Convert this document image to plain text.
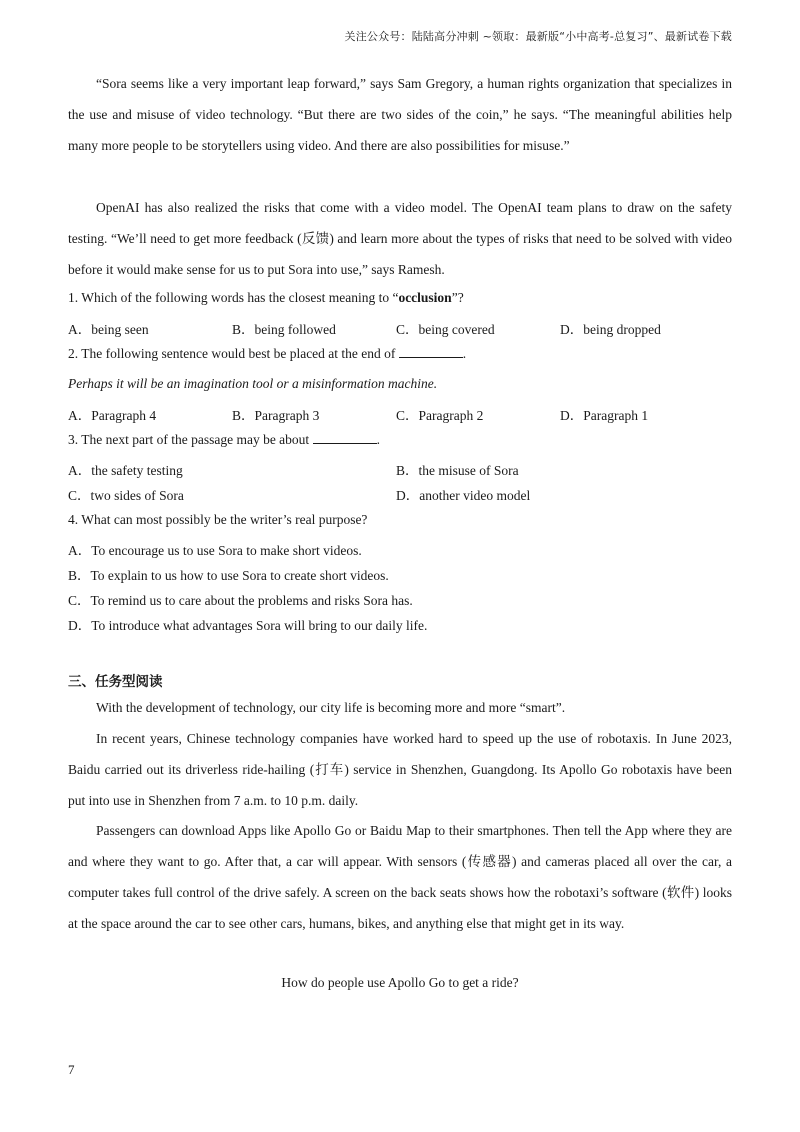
关注公众号：陆陆高分冲刺 ~领取：最新版“小中高考-总复习”、最新试卷下载

“Sora seems like a very important leap forward,” says Sam Gregory, a human rights organization that specializes in the use and misuse of video technology. “But there are two sides of the coin,” he says. “The meaningful abilities help many more people to be storytellers using video. And there are also possibilities for misuse.”

OpenAI has also realized the risks that come with a video model. The OpenAI team plans to draw on the safety testing. “We’ll need to get more feedback (反馈) and learn more about the types of risks that need to be solved with video before it would make sense for us to put Sora into use,” says Ramesh.

1. Which of the following words has the closest meaning to “occlusion”?
A．being seen	B．being followed	C．being covered	D．being dropped
2. The following sentence would best be placed at the end of	.
Perhaps it will be an imagination tool or a misinformation machine.
A．Paragraph 4	B．Paragraph 3	C．Paragraph 2	D．Paragraph 1
3. The next part of the passage may be about	.
A．the safety testing	B．the misuse of Sora
C．two sides of Sora	D．another video model
4. What can most possibly be the writer’s real purpose?
A．To encourage us to use Sora to make short videos.
B．To explain to us how to use Sora to create short videos.
C．To remind us to care about the problems and risks Sora has.
D．To introduce what advantages Sora will bring to our daily life.
三、任务型阅读

With the development of technology, our city life is becoming more and more “smart”.

In recent years, Chinese technology companies have worked hard to speed up the use of robotaxis. In June 2023, Baidu carried out its driverless ride-hailing (打车) service in Shenzhen, Guangdong. Its Apollo Go robotaxis have been put into use in Shenzhen from 7 a.m. to 10 p.m. daily.

Passengers can download Apps like Apollo Go or Baidu Map to their smartphones. Then tell the App where they are and where they want to go. After that, a car will appear. With sensors (传感器) and cameras placed all over the car, a computer takes full control of the drive safely. A screen on the back seats shows how the robotaxi’s software (软件) looks at the space around the car to see other cars, humans, bikes, and anything else that might get in its way.

How do people use Apollo Go to get a ride?
7
